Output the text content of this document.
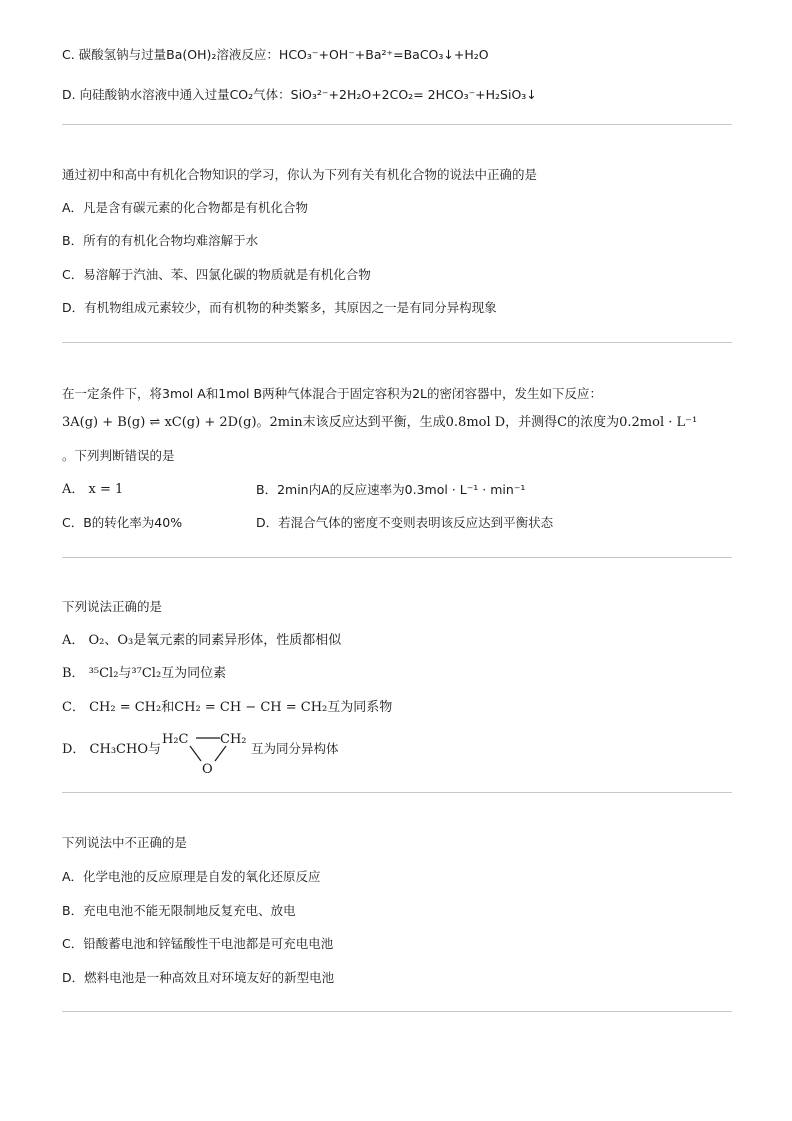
C. 碳酸氢钠与过量Ba(OH)₂溶液反应：HCO₃⁻+OH⁻+Ba²⁺=BaCO₃↓+H₂O
D. 向硅酸钠水溶液中通入过量CO₂气体：SiO₃²⁻+2H₂O+2CO₂= 2HCO₃⁻+H₂SiO₃↓
通过初中和高中有机化合物知识的学习，你认为下列有关有机化合物的说法中正确的是
A．凡是含有碳元素的化合物都是有机化合物
B．所有的有机化合物均难溶解于水
C．易溶解于汽油、苯、四氯化碳的物质就是有机化合物
D．有机物组成元素较少，而有机物的种类繁多，其原因之一是有同分异构现象
在一定条件下，将3mol A和1mol B两种气体混合于固定容积为2L的密闭容器中，发生如下反应：
3A(g) + B(g) ⇌ xC(g) + 2D(g)。2min末该反应达到平衡，生成0.8mol D，并测得C的浓度为0.2mol · L⁻¹
。下列判断错误的是
A． x = 1	B．2min内A的反应速率为0.3mol · L⁻¹ · min⁻¹
C．B的转化率为40%	D．若混合气体的密度不变则表明该反应达到平衡状态
下列说法正确的是
A． O₂、O₃是氧元素的同素异形体，性质都相似
B． ³⁵Cl₂与³⁷Cl₂互为同位素
C． CH₂ = CH₂和CH₂ = CH − CH = CH₂互为同系物
D． CH₃CHO与	互为同分异构体
H₂C CH₂
O
下列说法中不正确的是
A．化学电池的反应原理是自发的氧化还原反应
B．充电电池不能无限制地反复充电、放电
C．铅酸蓄电池和锌锰酸性干电池都是可充电电池
D．燃料电池是一种高效且对环境友好的新型电池
